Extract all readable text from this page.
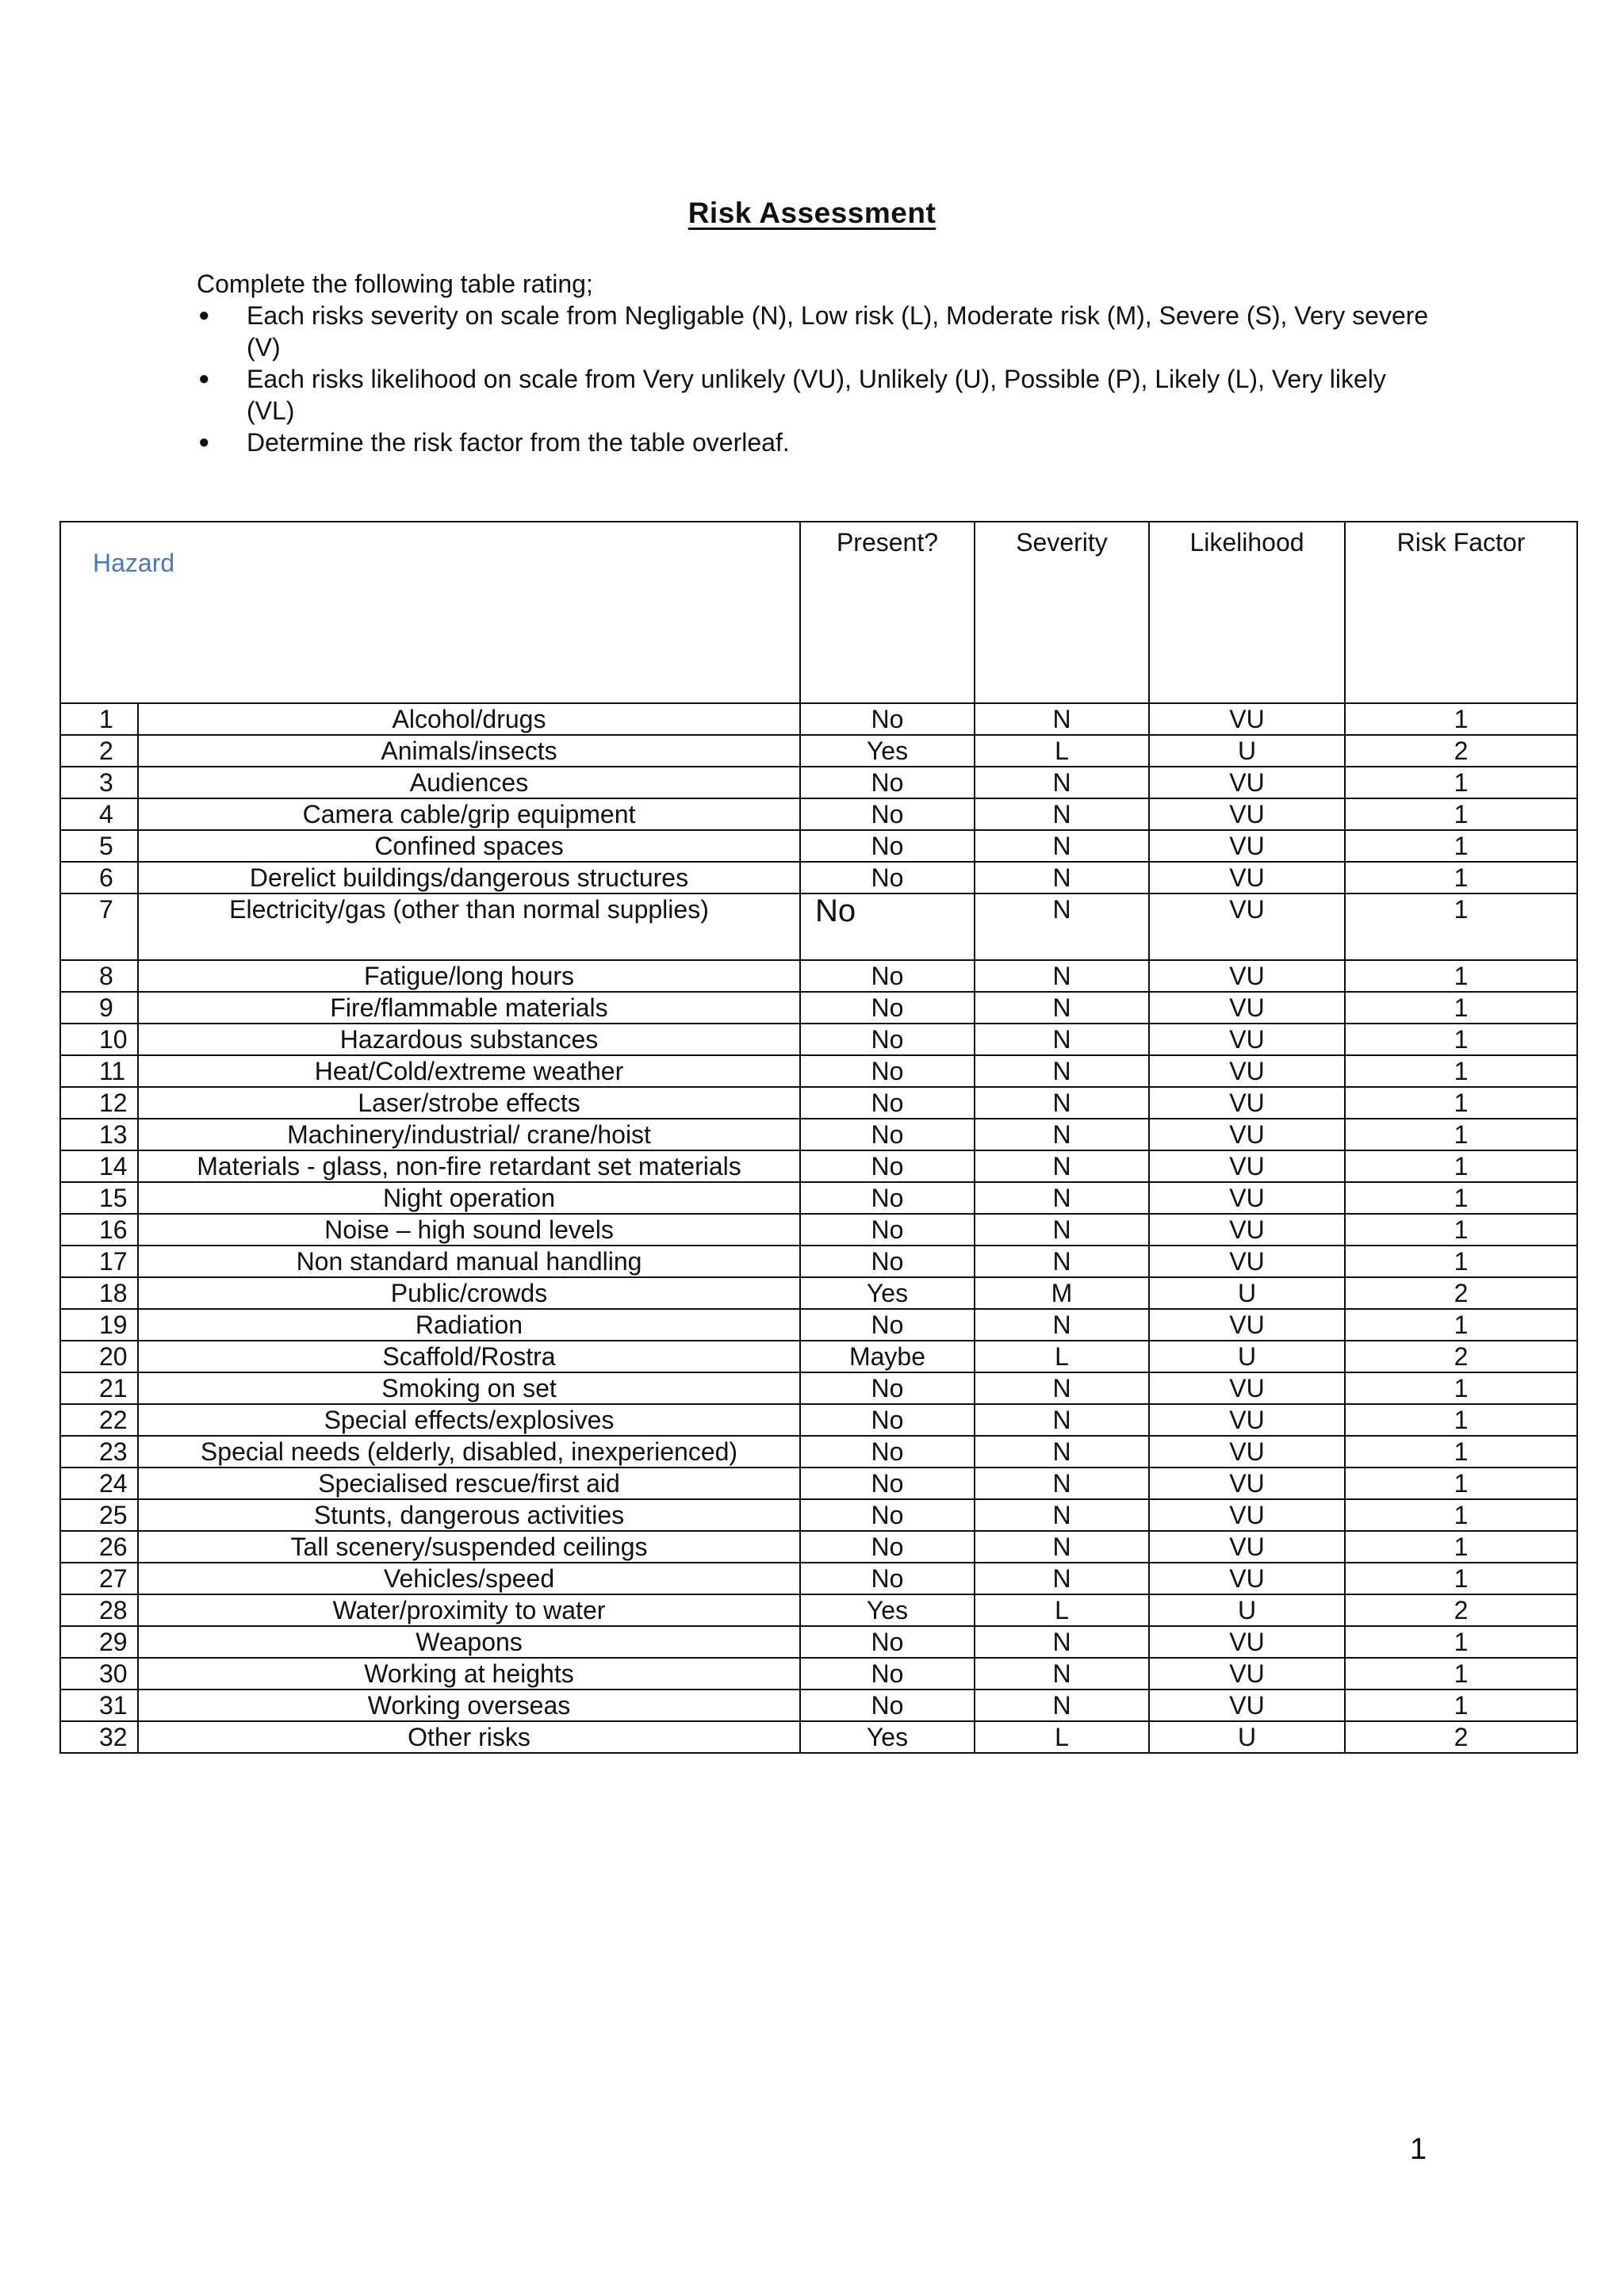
Risk Assessment

Complete the following table rating;

● Each risks severity on scale from Negligable (N), Low risk (L), Moderate risk (M), Severe (S), Very severe (V)
● Each risks likelihood on scale from Very unlikely (VU), Unlikely (U), Possible (P), Likely (L), Very likely (VL)
● Determine the risk factor from the table overleaf.
Hazard		Present?	Severity	Likelihood	Risk Factor
1	Alcohol/drugs	No	N	VU	1
2	Animals/insects	Yes	L	U	2
3	Audiences	No	N	VU	1
4	Camera cable/grip equipment	No	N	VU	1
5	Confined spaces	No	N	VU	1
6	Derelict buildings/dangerous structures	No	N	VU	1
7	Electricity/gas (other than normal supplies)	No	N	VU	1
8	Fatigue/long hours	No	N	VU	1
9	Fire/flammable materials	No	N	VU	1
10	Hazardous substances	No	N	VU	1
11	Heat/Cold/extreme weather	No	N	VU	1
12	Laser/strobe effects	No	N	VU	1
13	Machinery/industrial/ crane/hoist	No	N	VU	1
14	Materials - glass, non-fire retardant set materials	No	N	VU	1
15	Night operation	No	N	VU	1
16	Noise – high sound levels	No	N	VU	1
17	Non standard manual handling	No	N	VU	1
18	Public/crowds	Yes	M	U	2
19	Radiation	No	N	VU	1
20	Scaffold/Rostra	Maybe	L	U	2
21	Smoking on set	No	N	VU	1
22	Special effects/explosives	No	N	VU	1
23	Special needs (elderly, disabled, inexperienced)	No	N	VU	1
24	Specialised rescue/first aid	No	N	VU	1
25	Stunts, dangerous activities	No	N	VU	1
26	Tall scenery/suspended ceilings	No	N	VU	1
27	Vehicles/speed	No	N	VU	1
28	Water/proximity to water	Yes	L	U	2
29	Weapons	No	N	VU	1
30	Working at heights	No	N	VU	1
31	Working overseas	No	N	VU	1
32	Other risks	Yes	L	U	2
1
